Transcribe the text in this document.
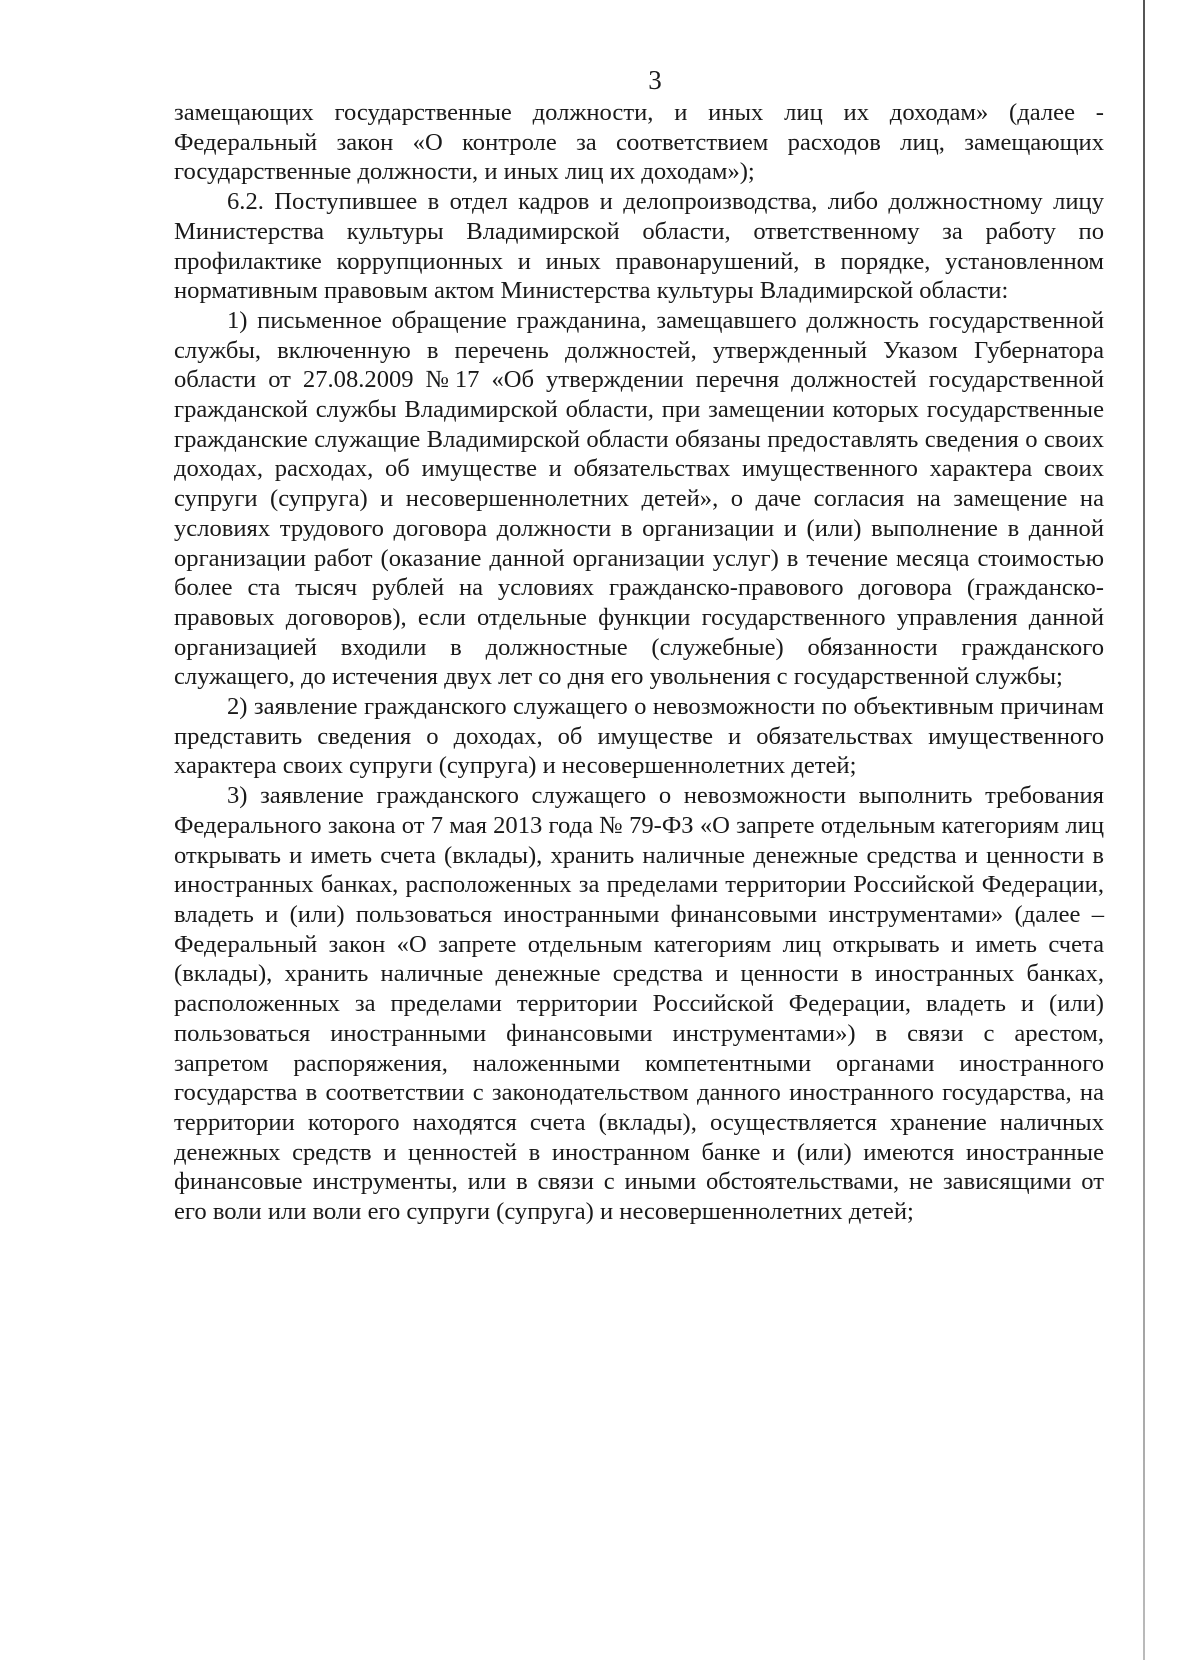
3

замещающих государственные должности, и иных лиц их доходам» (далее - Федеральный закон «О контроле за соответствием расходов лиц, замещающих государственные должности, и иных лиц их доходам»);

6.2. Поступившее в отдел кадров и делопроизводства, либо должностному лицу Министерства культуры Владимирской области, ответственному за работу по профилактике коррупционных и иных правонарушений, в порядке, установленном нормативным правовым актом Министерства культуры Владимирской области:

1) письменное обращение гражданина, замещавшего должность государственной службы, включенную в перечень должностей, утвержденный Указом Губернатора области от 27.08.2009 №17 «Об утверждении перечня должностей государственной гражданской службы Владимирской области, при замещении которых государственные гражданские служащие Владимирской области обязаны предоставлять сведения о своих доходах, расходах, об имуществе и обязательствах имущественного характера своих супруги (супруга) и несовершеннолетних детей», о даче согласия на замещение на условиях трудового договора должности в организации и (или) выполнение в данной организации работ (оказание данной организации услуг) в течение месяца стоимостью более ста тысяч рублей на условиях гражданско-правового договора (гражданско-правовых договоров), если отдельные функции государственного управления данной организацией входили в должностные (служебные) обязанности гражданского служащего, до истечения двух лет со дня его увольнения с государственной службы;

2) заявление гражданского служащего о невозможности по объективным причинам представить сведения о доходах, об имуществе и обязательствах имущественного характера своих супруги (супруга) и несовершеннолетних детей;

3) заявление гражданского служащего о невозможности выполнить требования Федерального закона от 7 мая 2013 года № 79-ФЗ «О запрете отдельным категориям лиц открывать и иметь счета (вклады), хранить наличные денежные средства и ценности в иностранных банках, расположенных за пределами территории Российской Федерации, владеть и (или) пользоваться иностранными финансовыми инструментами» (далее – Федеральный закон «О запрете отдельным категориям лиц открывать и иметь счета (вклады), хранить наличные денежные средства и ценности в иностранных банках, расположенных за пределами территории Российской Федерации, владеть и (или) пользоваться иностранными финансовыми инструментами») в связи с арестом, запретом распоряжения, наложенными компетентными органами иностранного государства в соответствии с законодательством данного иностранного государства, на территории которого находятся счета (вклады), осуществляется хранение наличных денежных средств и ценностей в иностранном банке и (или) имеются иностранные финансовые инструменты, или в связи с иными обстоятельствами, не зависящими от его воли или воли его супруги (супруга) и несовершеннолетних детей;
